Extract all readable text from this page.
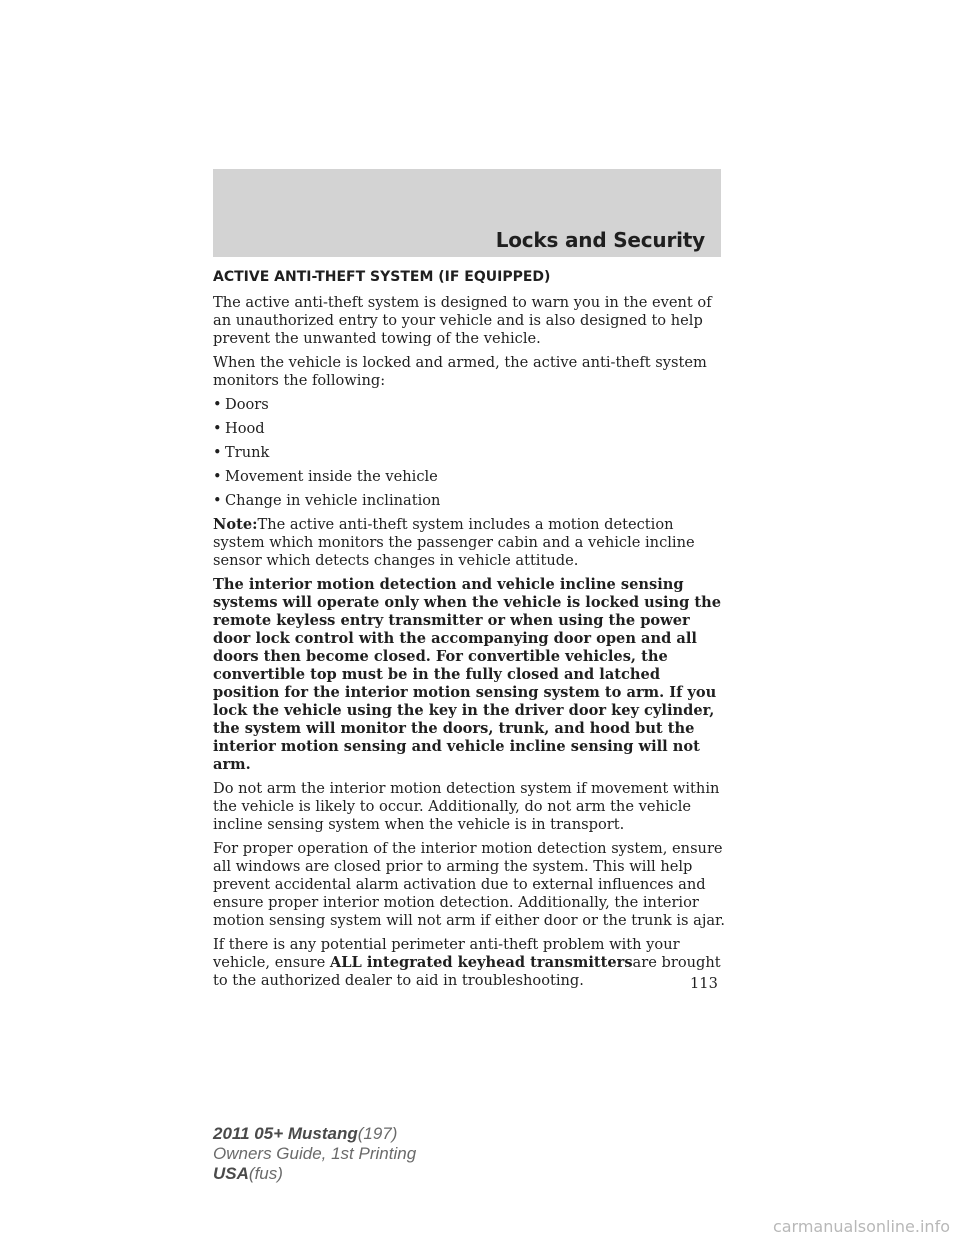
Locks and Security
ACTIVE ANTI-THEFT SYSTEM (IF EQUIPPED)

The active anti-theft system is designed to warn you in the event of an unauthorized entry to your vehicle and is also designed to help prevent the unwanted towing of the vehicle.

When the vehicle is locked and armed, the active anti-theft system monitors the following:

• Doors
• Hood
• Trunk
• Movement inside the vehicle
• Change in vehicle inclination

Note:The active anti-theft system includes a motion detection system which monitors the passenger cabin and a vehicle incline sensor which detects changes in vehicle attitude.

The interior motion detection and vehicle incline sensing systems will operate only when the vehicle is locked using the remote keyless entry transmitter or when using the power door lock control with the accompanying door open and all doors then become closed. For convertible vehicles, the convertible top must be in the fully closed and latched position for the interior motion sensing system to arm. If you lock the vehicle using the key in the driver door key cylinder, the system will monitor the doors, trunk, and hood but the interior motion sensing and vehicle incline sensing will not arm.

Do not arm the interior motion detection system if movement within the vehicle is likely to occur. Additionally, do not arm the vehicle incline sensing system when the vehicle is in transport.

For proper operation of the interior motion detection system, ensure all windows are closed prior to arming the system. This will help prevent accidental alarm activation due to external influences and ensure proper interior motion detection. Additionally, the interior motion sensing system will not arm if either door or the trunk is ajar.

If there is any potential perimeter anti-theft problem with your vehicle, ensure ALL integrated keyhead transmittersare brought to the authorized dealer to aid in troubleshooting.	113
2011 05+ Mustang(197)
Owners Guide, 1st Printing
USA(fus)
carmanualsonline.info
